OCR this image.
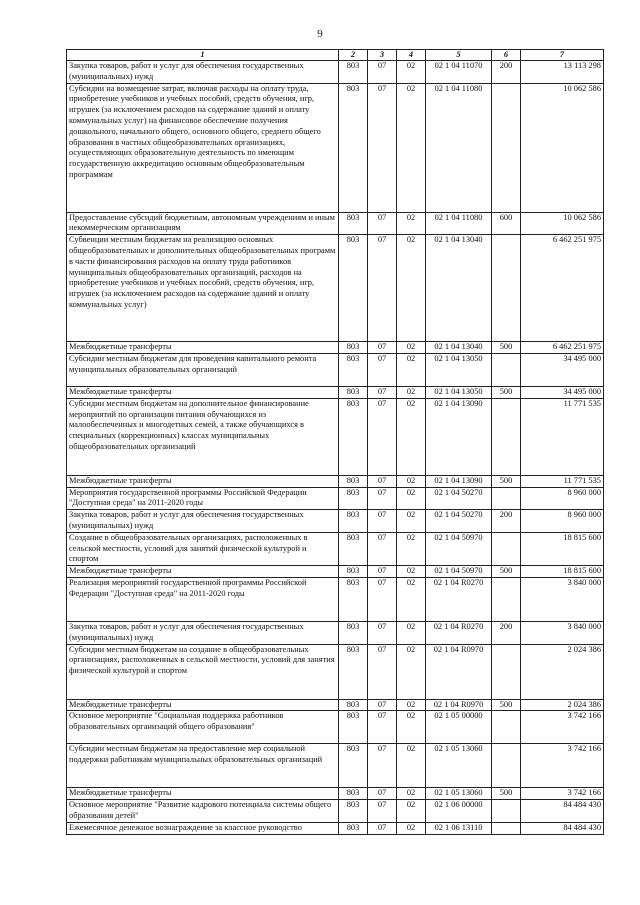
9
1	2	3	4	5	6	7
Закупка товаров, работ и услуг для обеспечения государственных (муниципальных) нужд	803	07	02	02 1 04 11070	200	13 113 298
Субсидии на возмещение затрат, включая расходы на оплату труда, приобретение учебников и учебных пособий, средств обучения, игр, игрушек (за исключением расходов на содержание зданий и оплату коммунальных услуг) на финансовое обеспечение получения дошкольного, начального общего, основного общего, среднего общего образования в частных общеобразовательных организациях, осуществляющих образовательную деятельность по имеющим государственную аккредитацию основным общеобразовательным программам	803	07	02	02 1 04 11080		10 062 586
Предоставление субсидий бюджетным, автономным учреждениям и иным некоммерческим организациям	803	07	02	02 1 04 11080	600	10 062 586
Субвенции местным бюджетам на реализацию основных общеобразовательных и дополнительных общеобразовательных программ в части финансирования расходов на оплату труда работников муниципальных общеобразовательных организаций, расходов на приобретение учебников и учебных пособий, средств обучения, игр, игрушек (за исключением расходов на содержание зданий и оплату коммунальных услуг)	803	07	02	02 1 04 13040		6 462 251 975
Межбюджетные трансферты	803	07	02	02 1 04 13040	500	6 462 251 975
Субсидии местным бюджетам для проведения капитального ремонта муниципальных образовательных организаций	803	07	02	02 1 04 13050		34 495 000
Межбюджетные трансферты	803	07	02	02 1 04 13050	500	34 495 000
Субсидии местным бюджетам на дополнительное финансирование мероприятий по организации питания обучающихся из малообеспеченных и многодетных семей, а также обучающихся в специальных (коррекционных) классах муниципальных общеобразовательных организаций	803	07	02	02 1 04 13090		11 771 535
Межбюджетные трансферты	803	07	02	02 1 04 13090	500	11 771 535
Мероприятия государственной программы Российской Федерации "Доступная среда" на 2011-2020 годы	803	07	02	02 1 04 50270		8 960 000
Закупка товаров, работ и услуг для обеспечения государственных (муниципальных) нужд	803	07	02	02 1 04 50270	200	8 960 000
Создание в общеобразовательных организациях, расположенных в сельской местности, условий для занятий физической культурой и спортом	803	07	02	02 1 04 50970		18 815 600
Межбюджетные трансферты	803	07	02	02 1 04 50970	500	18 815 600
Реализация мероприятий государственной программы Российской Федерации "Доступная среда" на 2011-2020 годы	803	07	02	02 1 04 R0270		3 840 000
Закупка товаров, работ и услуг для обеспечения государственных (муниципальных) нужд	803	07	02	02 1 04 R0270	200	3 840 000
Субсидии местным бюджетам на создание в общеобразовательных организациях, расположенных в сельской местности, условий для занятия физической культурой и спортом	803	07	02	02 1 04 R0970		2 024 386
Межбюджетные трансферты	803	07	02	02 1 04 R0970	500	2 024 386
Основное мероприятие "Социальная поддержка работников образовательных организаций общего образования"	803	07	02	02 1 05 00000		3 742 166
Субсидии местным бюджетам на предоставление мер социальной поддержки работникам муниципальных образовательных организаций	803	07	02	02 1 05 13060		3 742 166
Межбюджетные трансферты	803	07	02	02 1 05 13060	500	3 742 166
Основное мероприятие "Развитие кадрового потенциала системы общего образования детей"	803	07	02	02 1 06 00000		84 484 430
Ежемесячное денежное вознаграждение за классное руководство	803	07	02	02 1 06 13110		84 484 430
